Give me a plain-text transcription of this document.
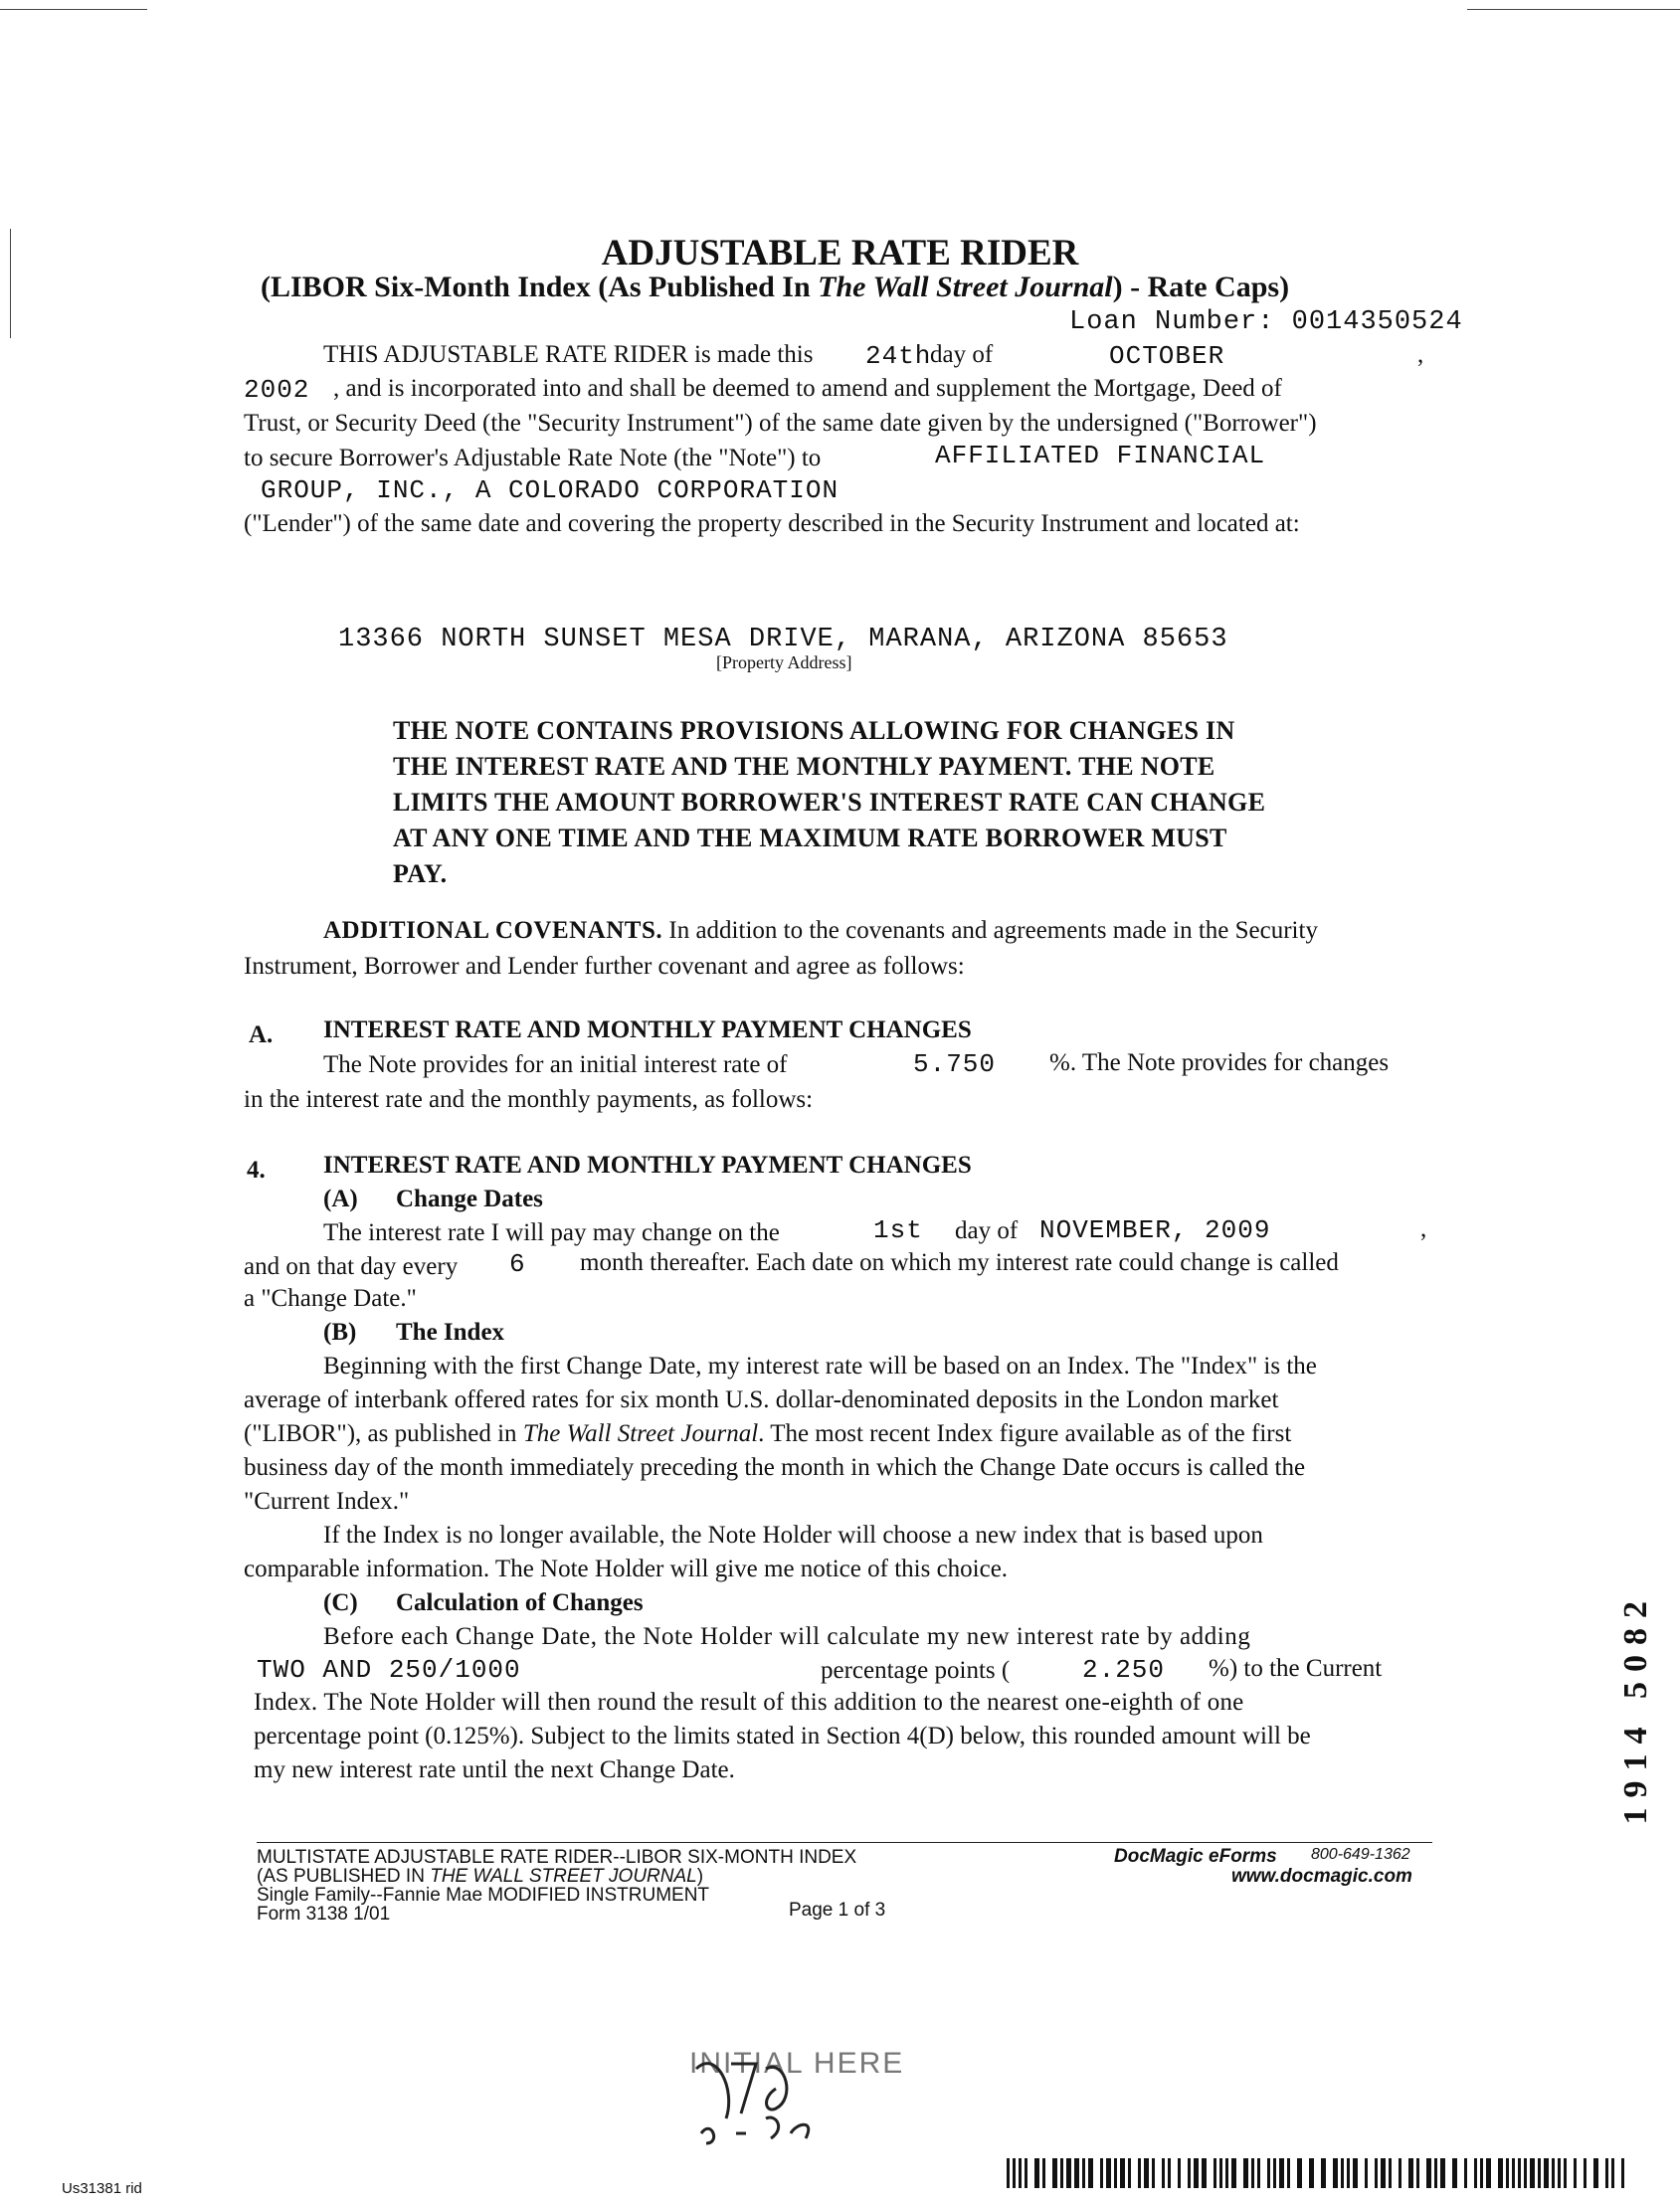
ADJUSTABLE RATE RIDER
(LIBOR Six-Month Index (As Published In The Wall Street Journal) - Rate Caps)
Loan Number: 0014350524
THIS ADJUSTABLE RATE RIDER is made this 24th
day of	OCTOBER	,
2002 , and is incorporated into and shall be deemed to amend and supplement the Mortgage, Deed of
Trust, or Security Deed (the "Security Instrument") of the same date given by the undersigned ("Borrower")
to secure Borrower's Adjustable Rate Note (the "Note") to	AFFILIATED FINANCIAL
GROUP, INC., A COLORADO CORPORATION
("Lender") of the same date and covering the property described in the Security Instrument and located at:
13366 NORTH SUNSET MESA DRIVE, MARANA, ARIZONA 85653
[Property Address]
THE NOTE CONTAINS PROVISIONS ALLOWING FOR CHANGES IN
THE INTEREST RATE AND THE MONTHLY PAYMENT. THE NOTE
LIMITS THE AMOUNT BORROWER'S INTEREST RATE CAN CHANGE
AT ANY ONE TIME AND THE MAXIMUM RATE BORROWER MUST
PAY.
ADDITIONAL COVENANTS. In addition to the covenants and agreements made in the Security
Instrument, Borrower and Lender further covenant and agree as follows:
A. INTEREST RATE AND MONTHLY PAYMENT CHANGES
The Note provides for an initial interest rate of	5.750 %. The Note provides for changes
in the interest rate and the monthly payments, as follows:
4. INTEREST RATE AND MONTHLY PAYMENT CHANGES
(A) Change Dates
The interest rate I will pay may change on the	1st day of NOVEMBER, 2009	,
and on that day every 6 month thereafter. Each date on which my interest rate could change is called
a "Change Date."
(B) The Index
Beginning with the first Change Date, my interest rate will be based on an Index. The "Index" is the
average of interbank offered rates for six month U.S. dollar-denominated deposits in the London market
("LIBOR"), as published in The Wall Street Journal. The most recent Index figure available as of the first
business day of the month immediately preceding the month in which the Change Date occurs is called the
"Current Index."
If the Index is no longer available, the Note Holder will choose a new index that is based upon
comparable information. The Note Holder will give me notice of this choice.
(C) Calculation of Changes
Before each Change Date, the Note Holder will calculate my new interest rate by adding
TWO AND 250/1000	percentage points (	2.250 %) to the Current
Index. The Note Holder will then round the result of this addition to the nearest one-eighth of one
percentage point (0.125%). Subject to the limits stated in Section 4(D) below, this rounded amount will be
my new interest rate until the next Change Date.
MULTISTATE ADJUSTABLE RATE RIDER--LIBOR SIX-MONTH INDEX
(AS PUBLISHED IN THE WALL STREET JOURNAL)
Single Family--Fannie Mae MODIFIED INSTRUMENT
Form 3138 1/01	Page 1 of 3
DocMagic eForms 800-649-1362
www.docmagic.com
INITIAL HERE
1914 5082
Us31381 rid
